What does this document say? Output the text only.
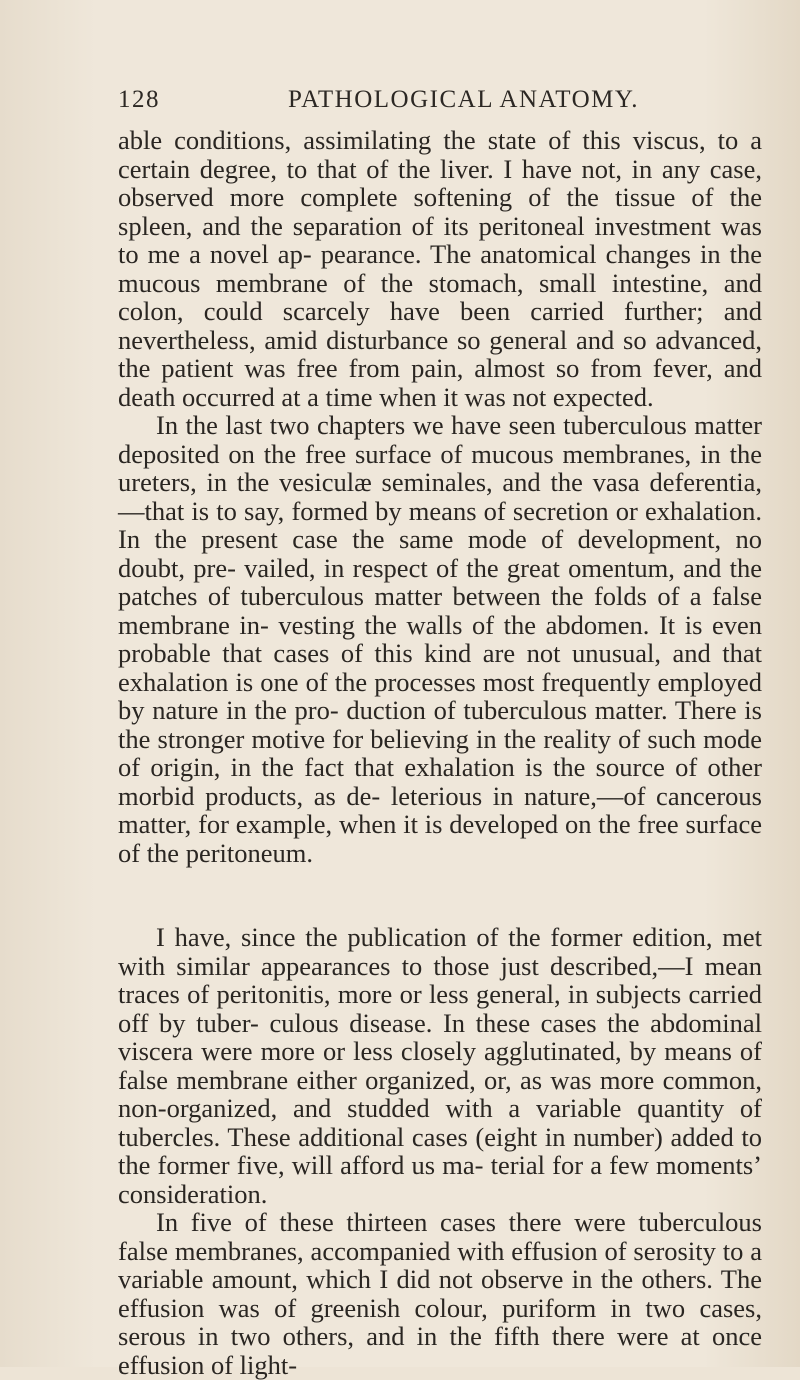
128	PATHOLOGICAL ANATOMY.

able conditions, assimilating the state of this viscus, to a certain degree, to that of the liver. I have not, in any case, observed more complete softening of the tissue of the spleen, and the separation of its peritoneal investment was to me a novel ap- pearance. The anatomical changes in the mucous membrane of the stomach, small intestine, and colon, could scarcely have been carried further; and nevertheless, amid disturbance so general and so advanced, the patient was free from pain, almost so from fever, and death occurred at a time when it was not expected.

In the last two chapters we have seen tuberculous matter deposited on the free surface of mucous membranes, in the ureters, in the vesiculæ seminales, and the vasa deferentia,—that is to say, formed by means of secretion or exhalation. In the present case the same mode of development, no doubt, pre- vailed, in respect of the great omentum, and the patches of tuberculous matter between the folds of a false membrane in- vesting the walls of the abdomen. It is even probable that cases of this kind are not unusual, and that exhalation is one of the processes most frequently employed by nature in the pro- duction of tuberculous matter. There is the stronger motive for believing in the reality of such mode of origin, in the fact that exhalation is the source of other morbid products, as de- leterious in nature,—of cancerous matter, for example, when it is developed on the free surface of the peritoneum.

I have, since the publication of the former edition, met with similar appearances to those just described,—I mean traces of peritonitis, more or less general, in subjects carried off by tuber- culous disease. In these cases the abdominal viscera were more or less closely agglutinated, by means of false membrane either organized, or, as was more common, non-organized, and studded with a variable quantity of tubercles. These additional cases (eight in number) added to the former five, will afford us ma- terial for a few moments’ consideration.

In five of these thirteen cases there were tuberculous false membranes, accompanied with effusion of serosity to a variable amount, which I did not observe in the others. The effusion was of greenish colour, puriform in two cases, serous in two others, and in the fifth there were at once effusion of light-
